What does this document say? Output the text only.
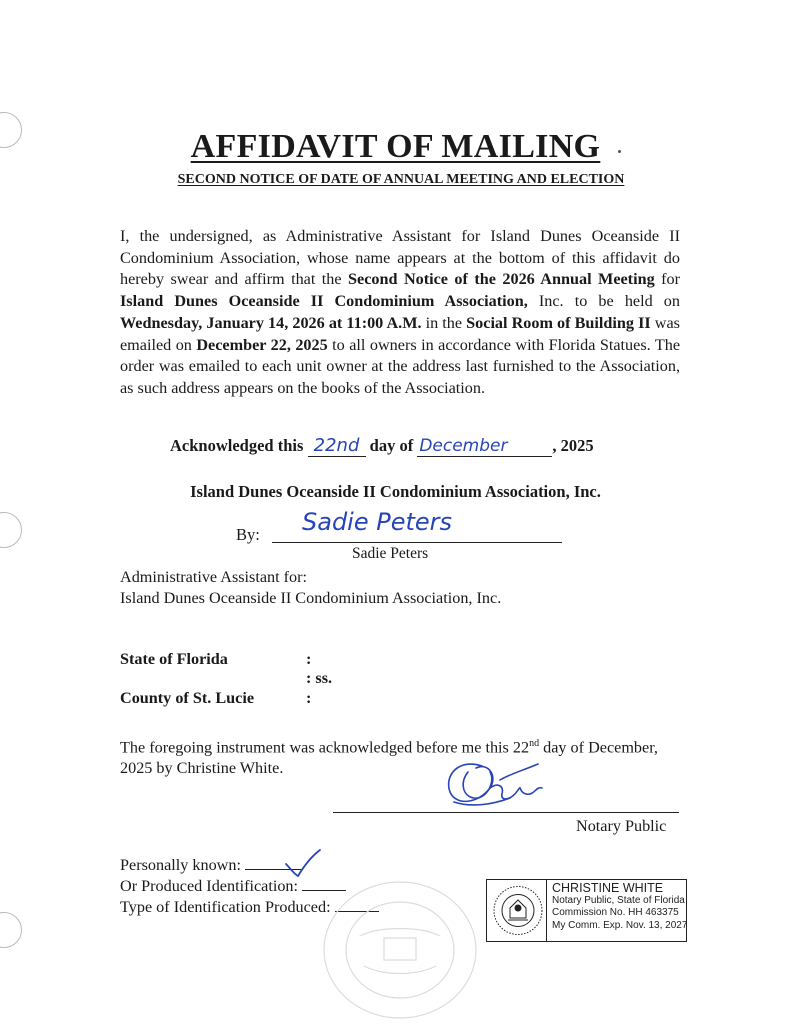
AFFIDAVIT OF MAILING
SECOND NOTICE OF DATE OF ANNUAL MEETING AND ELECTION
I, the undersigned, as Administrative Assistant for Island Dunes Oceanside II Condominium Association, whose name appears at the bottom of this affidavit do hereby swear and affirm that the Second Notice of the 2026 Annual Meeting for Island Dunes Oceanside II Condominium Association, Inc. to be held on Wednesday, January 14, 2026 at 11:00 A.M. in the Social Room of Building II was emailed on December 22, 2025 to all owners in accordance with Florida Statues. The order was emailed to each unit owner at the address last furnished to the Association, as such address appears on the books of the Association.
Acknowledged this 22nd day of December	, 2025
Island Dunes Oceanside II Condominium Association, Inc.
By: Sadie Peters
Sadie Peters
Administrative Assistant for:
Island Dunes Oceanside II Condominium Association, Inc.
State of Florida	:
: ss.
County of St. Lucie	:
The foregoing instrument was acknowledged before me this 22nd day of December, 2025 by Christine White.
Notary Public
Personally known:
Or Produced Identification:
Type of Identification Produced:
CHRISTINE WHITE
Notary Public, State of Florida
Commission No. HH 463375
My Comm. Exp. Nov. 13, 2027
